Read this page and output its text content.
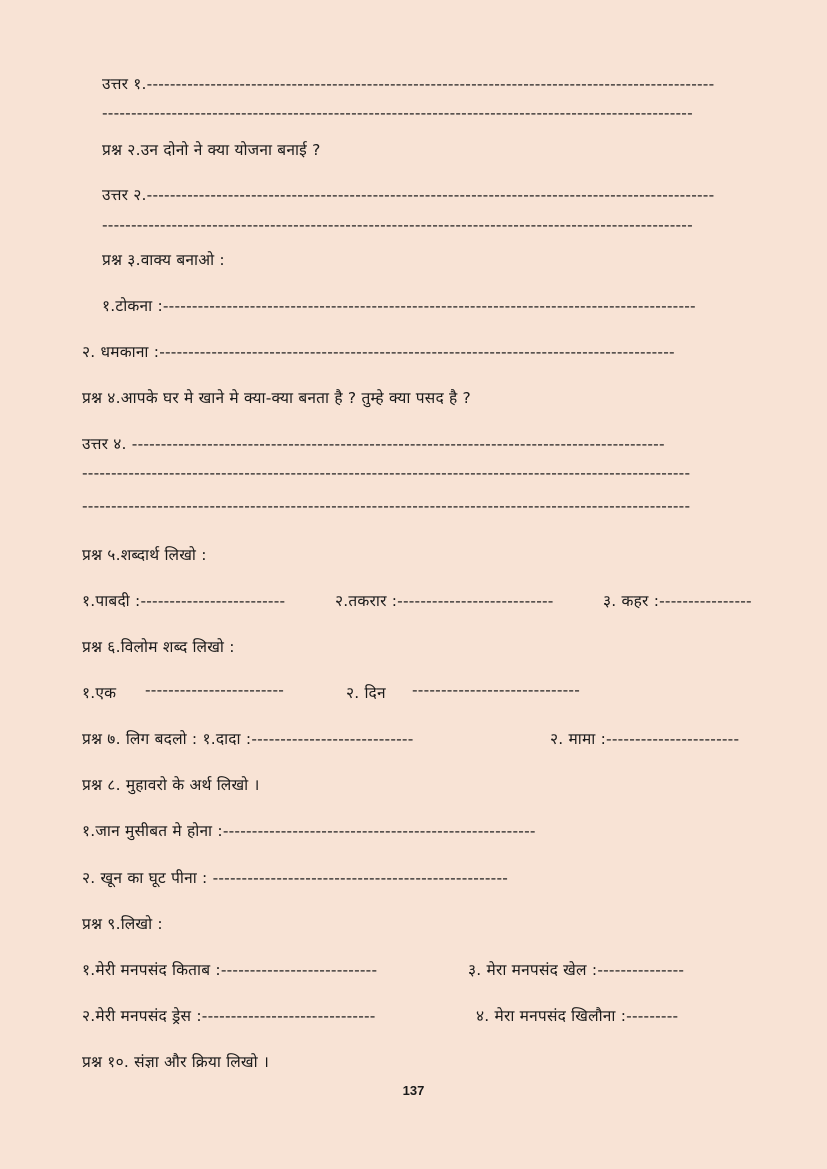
उत्तर १.--------------------------------------------------------------------------------------------------
------------------------------------------------------------------------------------------------------
प्रश्न २.उन दोनो ने क्या योजना बनाई ?
उत्तर २.--------------------------------------------------------------------------------------------------
------------------------------------------------------------------------------------------------------
प्रश्न ३.वाक्य बनाओ :
१.टोकना :--------------------------------------------------------------------------------------------
२. धमकाना :-----------------------------------------------------------------------------------------
प्रश्न ४.आपके घर मे खाने मे क्या-क्या बनता है ? तुम्हे क्या पसद है ?
उत्तर ४. --------------------------------------------------------------------------------------------
---------------------------------------------------------------------------------------------------------
---------------------------------------------------------------------------------------------------------
प्रश्न ५.शब्दार्थ लिखो :
१.पाबदी :-------------------------	२.तकरार :---------------------------	३. कहर :----------------
प्रश्न ६.विलोम शब्द लिखो :
१.एक ------------------------	२. दिन -----------------------------
प्रश्न ७. लिग बदलो : १.दादा :----------------------------	२. मामा :-----------------------
प्रश्न ८. मुहावरो के अर्थ लिखो ।
१.जान मुसीबत मे होना :------------------------------------------------------
२. खून का घूट पीना : ---------------------------------------------------
प्रश्न ९.लिखो :
१.मेरी मनपसंद किताब :---------------------------	३. मेरा मनपसंद खेल :---------------
२.मेरी मनपसंद ड्रेस :------------------------------	४. मेरा मनपसंद खिलौना :---------
प्रश्न १०. संज्ञा और क्रिया लिखो ।
137
